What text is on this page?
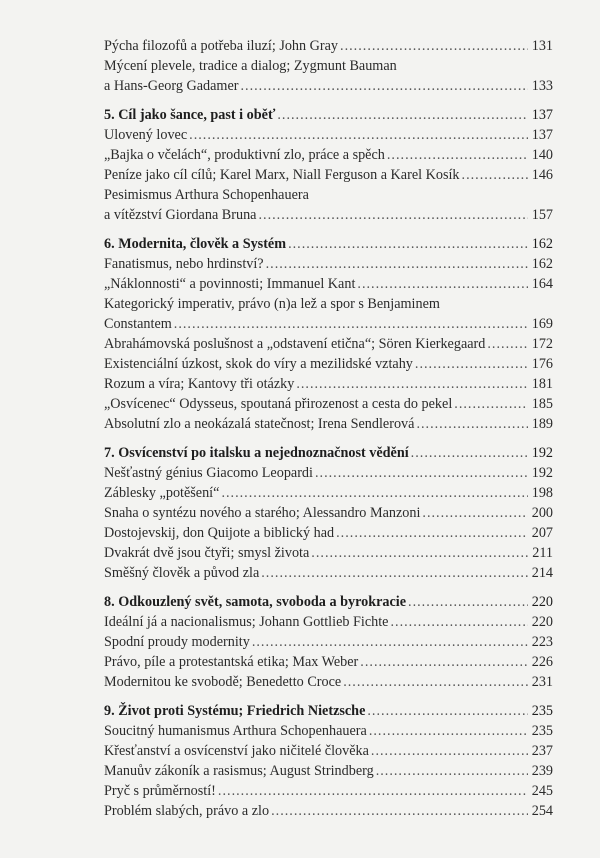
Pýcha filozofů a potřeba iluzí; John Gray .....	131
Mýcení plevele, tradice a dialog; Zygmunt Bauman
a Hans-Georg Gadamer .....	133
5. Cíl jako šance, past i oběť .....	137
Ulovený lovec .....	137
„Bajka o včelách“, produktivní zlo, práce a spěch .....	140
Peníze jako cíl cílů; Karel Marx, Niall Ferguson a Karel Kosík .....	146
Pesimismus Arthura Schopenhauera
a vítězství Giordana Bruna .....	157
6. Modernita, člověk a Systém .....	162
Fanatismus, nebo hrdinství? .....	162
„Náklonnosti“ a povinnosti; Immanuel Kant .....	164
Kategorický imperativ, právo (n)a lež a spor s Benjaminem
Constantem .....	169
Abrahámovská poslušnost a „odstavení etična“; Sören Kierkegaard .....	172
Existenciální úzkost, skok do víry a mezilidské vztahy .....	176
Rozum a víra; Kantovy tři otázky .....	181
„Osvícenec“ Odysseus, spoutaná přirozenost a cesta do pekel .....	185
Absolutní zlo a neokázalá statečnost; Irena Sendlerová .....	189
7. Osvícenství po italsku a nejednoznačnost vědění .....	192
Nešťastný génius Giacomo Leopardi .....	192
Záblesky „potěšení“ .....	198
Snaha o syntézu nového a starého; Alessandro Manzoni .....	200
Dostojevskij, don Quijote a biblický had .....	207
Dvakrát dvě jsou čtyři; smysl života .....	211
Směšný člověk a původ zla .....	214
8. Odkouzlený svět, samota, svoboda a byrokracie .....	220
Ideální já a nacionalismus; Johann Gottlieb Fichte .....	220
Spodní proudy modernity .....	223
Právo, píle a protestantská etika; Max Weber .....	226
Modernitou ke svobodě; Benedetto Croce .....	231
9. Život proti Systému; Friedrich Nietzsche .....	235
Soucitný humanismus Arthura Schopenhauera .....	235
Křesťanství a osvícenství jako ničitelé člověka .....	237
Manuův zákoník a rasismus; August Strindberg .....	239
Pryč s průměrností! .....	245
Problém slabých, právo a zlo .....	254
